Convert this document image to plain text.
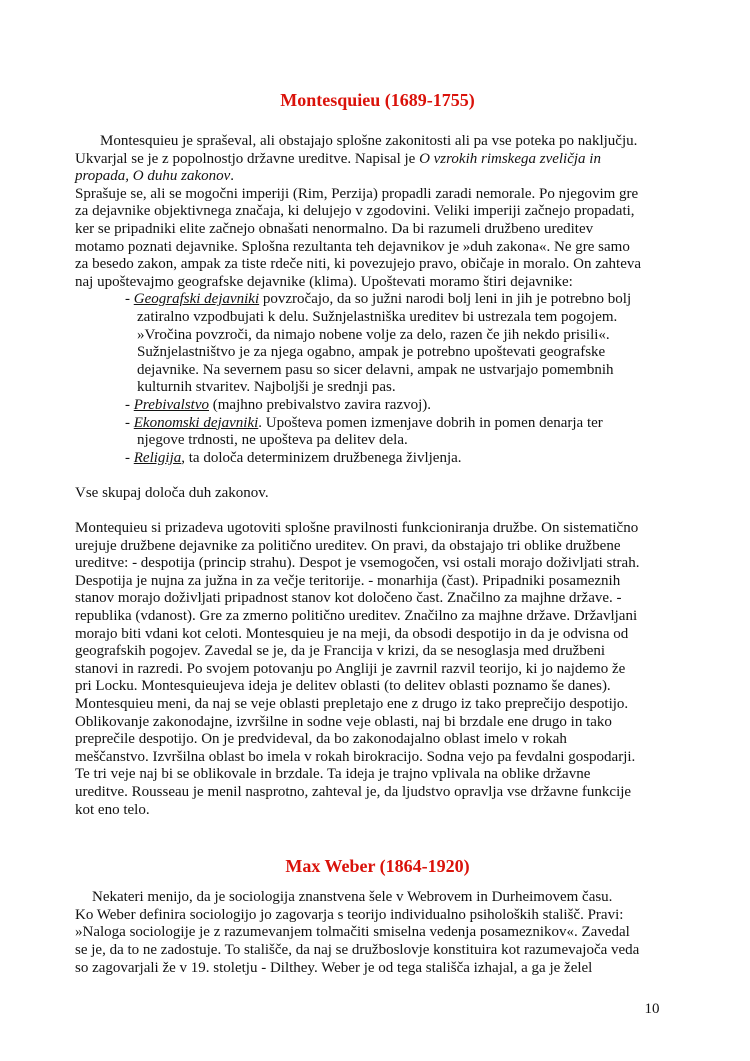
Montesquieu (1689-1755)
Montesquieu je spraševal, ali obstajajo splošne zakonitosti ali pa vse poteka po naključju.
Ukvarjal se je z popolnostjo državne ureditve. Napisal je O vzrokih rimskega zveličja in
propada, O duhu zakonov.
Sprašuje se, ali se mogočni imperiji (Rim, Perzija) propadli zaradi nemorale. Po njegovim gre
za dejavnike objektivnega značaja, ki delujejo v zgodovini. Veliki imperiji začnejo propadati,
ker se pripadniki elite začnejo obnašati nenormalno. Da bi razumeli družbeno ureditev
motamo poznati dejavnike. Splošna rezultanta teh dejavnikov je »duh zakona«. Ne gre samo
za besedo zakon, ampak za tiste rdeče niti, ki povezujejo pravo, običaje in moralo. On zahteva
naj upoštevajmo geografske dejavnike (klima). Upoštevati moramo štiri dejavnike:
- Geografski dejavniki povzročajo, da so južni narodi bolj leni in jih je potrebno bolj
zatiralno vzpodbujati k delu. Sužnjelastniška ureditev bi ustrezala tem pogojem.
»Vročina povzroči, da nimajo nobene volje za delo, razen če jih nekdo prisili«.
Sužnjelastništvo je za njega ogabno, ampak je potrebno upoštevati geografske
dejavnike. Na severnem pasu so sicer delavni, ampak ne ustvarjajo pomembnih
kulturnih stvaritev. Najboljši je srednji pas.
- Prebivalstvo (majhno prebivalstvo zavira razvoj).
- Ekonomski dejavniki. Upošteva pomen izmenjave dobrih in pomen denarja ter
njegove trdnosti, ne upošteva pa delitev dela.
- Religija, ta določa determinizem družbenega življenja.
Vse skupaj določa duh zakonov.
Montequieu si prizadeva ugotoviti splošne pravilnosti funkcioniranja družbe. On sistematično
urejuje družbene dejavnike za politično ureditev. On pravi, da obstajajo tri oblike družbene
ureditve: - despotija (princip strahu). Despot je vsemogočen, vsi ostali morajo doživljati strah.
Despotija je nujna za južna in za večje teritorije. - monarhija (čast). Pripadniki posameznih
stanov morajo doživljati pripadnost stanov kot določeno čast. Značilno za majhne države. -
republika (vdanost). Gre za zmerno politično ureditev. Značilno za majhne države. Državljani
morajo biti vdani kot celoti. Montesquieu je na meji, da obsodi despotijo in da je odvisna od
geografskih pogojev. Zavedal se je, da je Francija v krizi, da se nesoglasja med družbeni
stanovi in razredi. Po svojem potovanju po Angliji je zavrnil razvil teorijo, ki jo najdemo že
pri Locku. Montesquieujeva ideja je delitev oblasti (to delitev oblasti poznamo še danes).
Montesquieu meni, da naj se veje oblasti prepletajo ene z drugo iz tako preprečijo despotijo.
Oblikovanje zakonodajne, izvršilne in sodne veje oblasti, naj bi brzdale ene drugo in tako
preprečile despotijo. On je predvideval, da bo zakonodajalno oblast imelo v rokah
meščanstvo. Izvršilna oblast bo imela v rokah birokracijo. Sodna vejo pa fevdalni gospodarji.
Te tri veje naj bi se oblikovale in brzdale. Ta ideja je trajno vplivala na oblike državne
ureditve. Rousseau je menil nasprotno, zahteval je, da ljudstvo opravlja vse državne funkcije
kot eno telo.
Max Weber (1864-1920)
Nekateri menijo, da je sociologija znanstvena šele v Webrovem in Durheimovem času.
Ko Weber definira sociologijo jo zagovarja s teorijo individualno psiholoških stališč. Pravi:
»Naloga sociologije je z razumevanjem tolmačiti smiselna vedenja posameznikov«. Zavedal
se je, da to ne zadostuje. To stališče, da naj se družboslovje konstituira kot razumevajoča veda
so zagovarjali že v 19. stoletju - Dilthey. Weber je od tega stališča izhajal, a ga je želel
10
